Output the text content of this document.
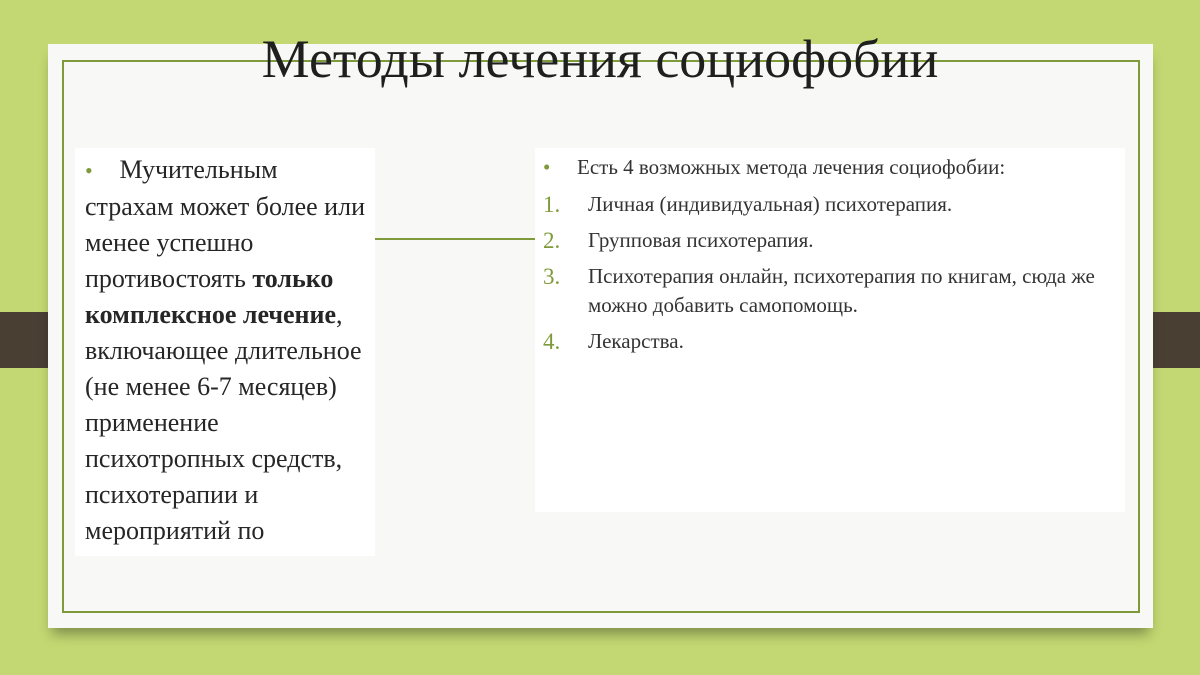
Методы лечения социофобии
• Мучительным страхам может более или менее успешно противостоять только комплексное лечение, включающее длительное (не менее 6-7 месяцев) применение психотропных средств, психотерапии и мероприятий по
• Есть 4 возможных метода лечения социофобии:
1.	Личная (индивидуальная) психотерапия.
2.	Групповая психотерапия.
3.	Психотерапия онлайн, психотерапия по книгам, сюда же можно добавить самопомощь.
4.	Лекарства.
